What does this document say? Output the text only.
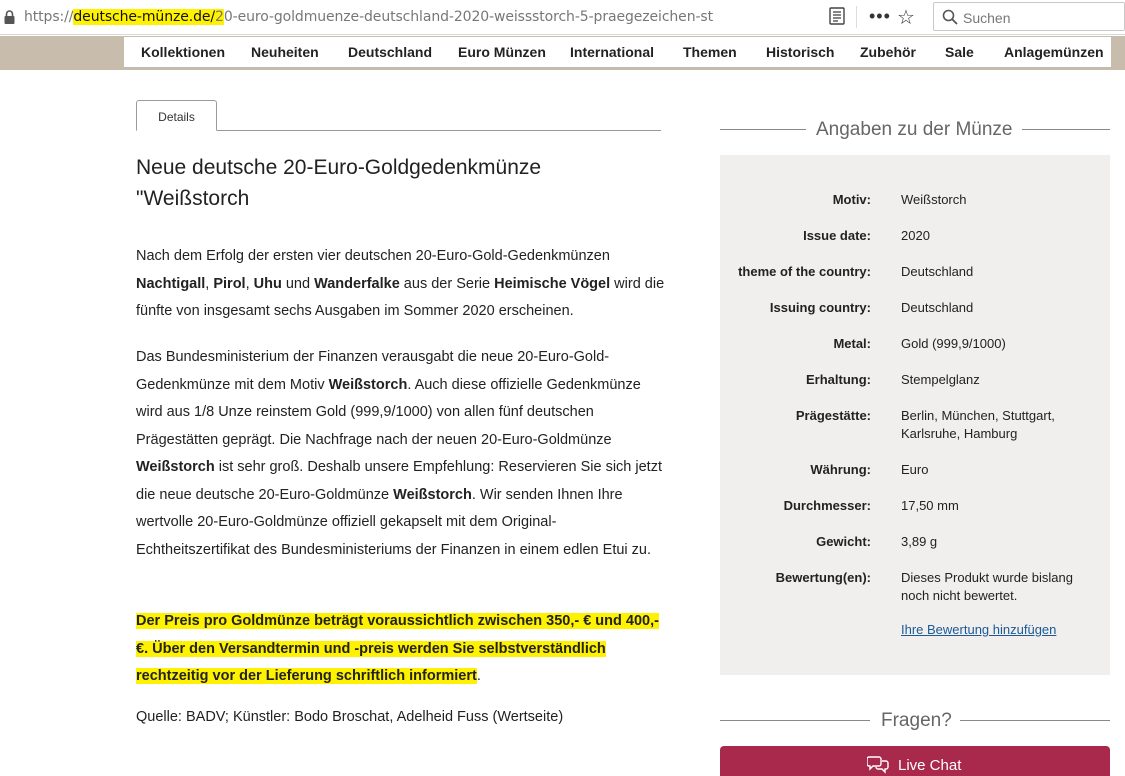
https://deutsche-münze.de/20-euro-goldmuenze-deutschland-2020-weissstorch-5-praegezeichen-st	••• ☆	Suchen
Kollektionen Neuheiten Deutschland Euro Münzen International Themen Historisch Zubehör Sale Anlagemünzen
Details
Neue deutsche 20-Euro-Goldgedenkmünze "Weißstorch

Nach dem Erfolg der ersten vier deutschen 20-Euro-Gold-Gedenkmünzen Nachtigall, Pirol, Uhu und Wanderfalke aus der Serie Heimische Vögel wird die fünfte von insgesamt sechs Ausgaben im Sommer 2020 erscheinen.

Das Bundesministerium der Finanzen verausgabt die neue 20-Euro-Gold-Gedenkmünze mit dem Motiv Weißstorch. Auch diese offizielle Gedenkmünze wird aus 1/8 Unze reinstem Gold (999,9/1000) von allen fünf deutschen Prägestätten geprägt. Die Nachfrage nach der neuen 20-Euro-Goldmünze Weißstorch ist sehr groß. Deshalb unsere Empfehlung: Reservieren Sie sich jetzt die neue deutsche 20-Euro-Goldmünze Weißstorch. Wir senden Ihnen Ihre wertvolle 20-Euro-Goldmünze offiziell gekapselt mit dem Original-Echtheitszertifikat des Bundesministeriums der Finanzen in einem edlen Etui zu.

Der Preis pro Goldmünze beträgt voraussichtlich zwischen 350,- € und 400,- €. Über den Versandtermin und -preis werden Sie selbstverständlich rechtzeitig vor der Lieferung schriftlich informiert.

Quelle: BADV; Künstler: Bodo Broschat, Adelheid Fuss (Wertseite)

Angaben zu der Münze
Motiv: Weißstorch
Issue date: 2020
theme of the country: Deutschland
Issuing country: Deutschland
Metal: Gold (999,9/1000)
Erhaltung: Stempelglanz
Prägestätte: Berlin, München, Stuttgart, Karlsruhe, Hamburg
Währung: Euro
Durchmesser: 17,50 mm
Gewicht: 3,89 g
Bewertung(en): Dieses Produkt wurde bislang noch nicht bewertet.
Ihre Bewertung hinzufügen
Fragen?
Live Chat
